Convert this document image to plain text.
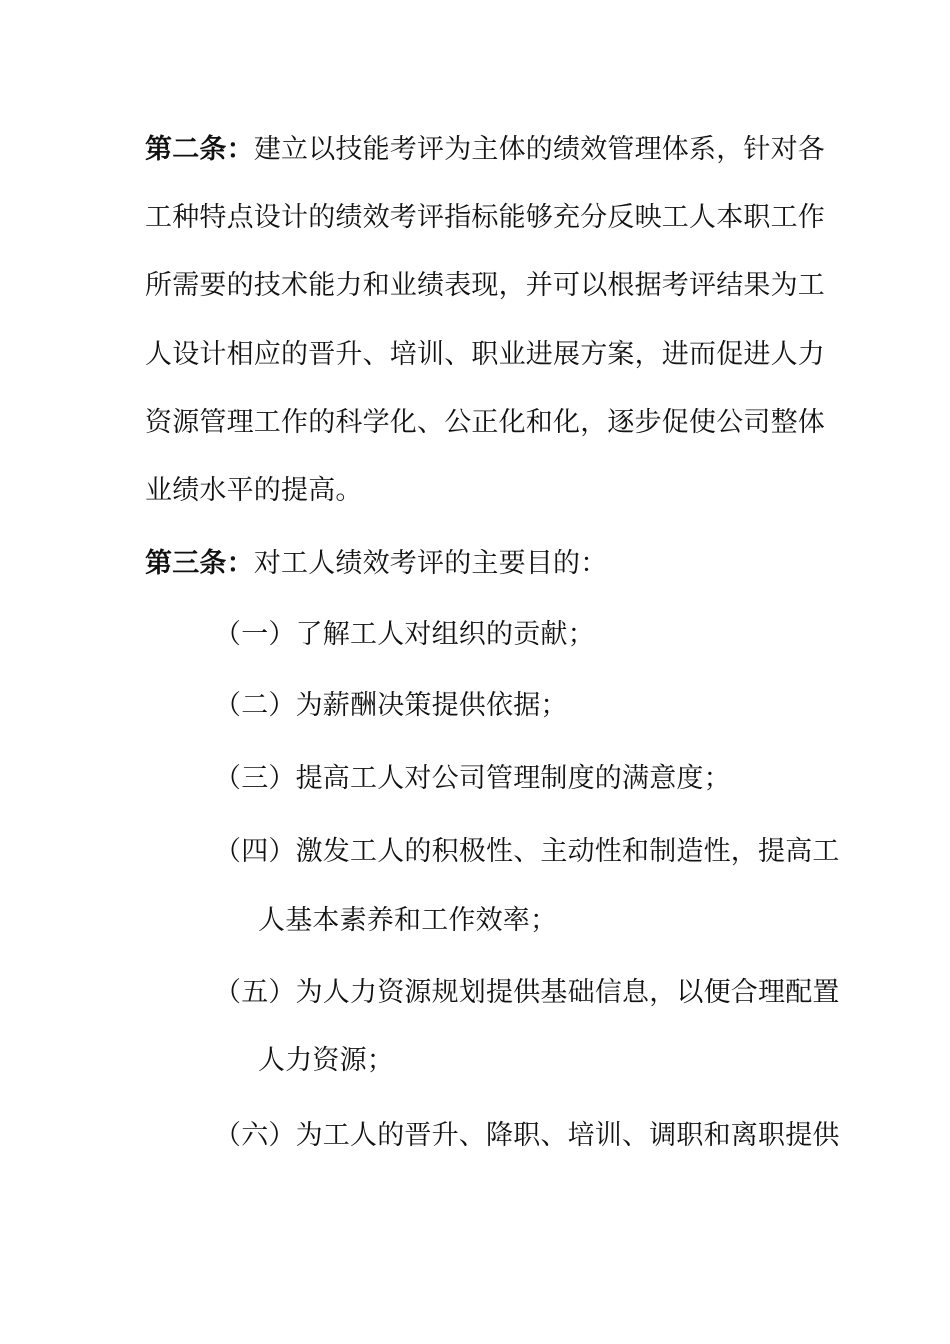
第二条：建立以技能考评为主体的绩效管理体系，针对各
工种特点设计的绩效考评指标能够充分反映工人本职工作
所需要的技术能力和业绩表现，并可以根据考评结果为工
人设计相应的晋升、培训、职业进展方案，进而促进人力
资源管理工作的科学化、公正化和化，逐步促使公司整体
业绩水平的提高。
第三条：对工人绩效考评的主要目的：
（一）了解工人对组织的贡献；
（二）为薪酬决策提供依据；
（三）提高工人对公司管理制度的满意度；
（四）激发工人的积极性、主动性和制造性，提高工
人基本素养和工作效率；
（五）为人力资源规划提供基础信息，以便合理配置
人力资源；
（六）为工人的晋升、降职、培训、调职和离职提供
